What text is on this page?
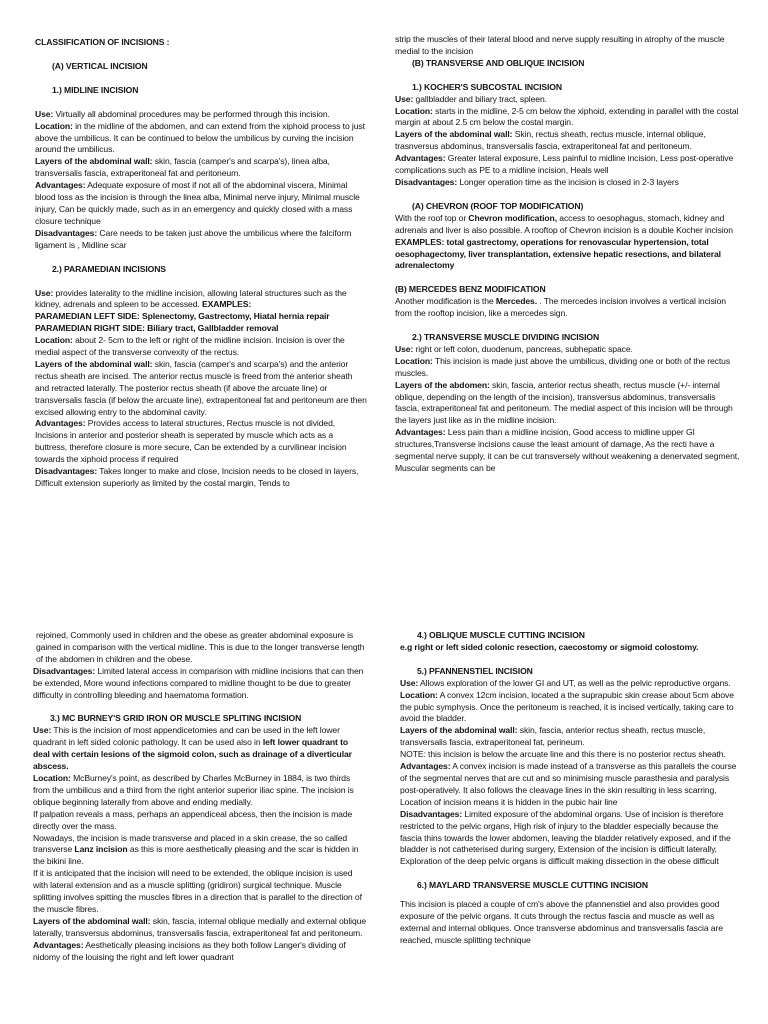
CLASSIFICATION OF INCISIONS :

(A) VERTICAL INCISION

1.) MIDLINE INCISION

Use: Virtually all abdominal procedures may be performed through this incision.

Location: in the midline of the abdomen, and can extend from the xiphoid process to just above the umbilicus. It can be continued to below the umbilicus by curving the incision around the umbilicus.

Layers of the abdominal wall: skin, fascia (camper's and scarpa's), linea alba, transversalis fascia, extraperitoneal fat and peritoneum.

Advantages: Adequate exposure of most if not all of the abdominal viscera, Minimal blood loss as the incision is through the linea alba, Minimal nerve injury, Minimal muscle injury, Can be quickly made, such as in an emergency and quickly closed with a mass closure technique

Disadvantages: Care needs to be taken just above the umbilicus where the falciform ligament is , Midline scar

2.) PARAMEDIAN INCISIONS

Use: provides laterality to the midline incision, allowing lateral structures such as the kidney, adrenals and spleen to be accessed. EXAMPLES:

PARAMEDIAN LEFT SIDE: Splenectomy, Gastrectomy, Hiatal hernia repair

PARAMEDIAN RIGHT SIDE: Biliary tract, Gallbladder removal

Location: about 2- 5cm to the left or right of the midline incision. Incision is over the medial aspect of the transverse convexity of the rectus.

Layers of the abdominal wall: skin, fascia (camper's and scarpa's) and the anterior rectus sheath are incised. The anterior rectus muscle is freed from the anterior sheath and retracted laterally. The posterior rectus sheath (if above the arcuate line) or transversalis fascia (if below the arcuate line), extraperitoneal fat and peritoneum are then excised allowing entry to the abdominal cavity.

Advantages: Provides access to lateral structures, Rectus muscle is not divided, Incisions in anterior and posterior sheath is seperated by muscle which acts as a buttress, therefore closure is more secure, Can be extended by a curvilinear incision towards the xiphoid process if required

Disadvantages: Takes longer to make and close, Incision needs to be closed in layers, Difficult extension superiorly as limited by the costal margin, Tends to

strip the muscles of their lateral blood and nerve supply resulting in atrophy of the muscle medial to the incision

(B) TRANSVERSE AND OBLIQUE INCISION

1.) KOCHER'S SUBCOSTAL INCISION

Use: gallbladder and biliary tract, spleen.

Location: starts in the midline, 2-5 cm below the xiphoid, extending in parallel with the costal margin at about 2.5 cm below the costal margin.

Layers of the abdominal wall: Skin, rectus sheath, rectus muscle, internal oblique, trasnversus abdominus, transversalis fascia, extraperitoneal fat and peritoneum.

Advantages: Greater lateral exposure, Less painful to midline incision, Less post-operative complications such as PE to a midline incision, Heals well

Disadvantages: Longer operation time as the incision is closed in 2-3 layers

(A) CHEVRON (ROOF TOP MODIFICATION)

With the roof top or Chevron modification, access to oesophagus, stomach, kidney and adrenals and liver is also possible. A rooftop of Chevron incision is a double Kocher incision

EXAMPLES: total gastrectomy, operations for renovascular hypertension, total oesophagectomy, liver transplantation, extensive hepatic resections, and bilateral adrenalectomy

(B) MERCEDES BENZ MODIFICATION

Another modification is the Mercedes. . The mercedes incision involves a vertical incision from the rooftop incision, like a mercedes sign.

2.) TRANSVERSE MUSCLE DIVIDING INCISION

Use: right or left colon, duodenum, pancreas, subhepatic space.

Location: This incision is made just above the umbilicus, dividing one or both of the rectus muscles.

Layers of the abdomen: skin, fascia, anterior rectus sheath, rectus muscle (+/- internal oblique, depending on the length of the incision), transversus abdominus, transversalis fascia, extraperitoneal fat and peritoneum. The medial aspect of this incision will be through the layers just like as in the midline incision.

Advantages: Less pain than a midline incision, Good access to midline upper GI structures,Transverse incisions cause the least amount of damage, As the recti have a segmental nerve supply, it can be cut transversely without weakening a denervated segment, Muscular segments can be

rejoined, Commonly used in children and the obese as greater abdominal exposure is gained in comparison with the vertical midline. This is due to the longer transverse length of the abdomen in children and the obese.

Disadvantages: Limited lateral access in comparison with midline incisions that can then be extended, More wound infections compared to midline thought to be due to greater difficulty in controlling bleeding and haematoma formation.

3.) MC BURNEY'S GRID IRON OR MUSCLE SPLITING INCISION

Use: This is the incision of most appendicetomies and can be used in the left lower quadrant in left sided colonic pathology. It can be used also in left lower quadrant to deal with certain lesions of the sigmoid colon, such as drainage of a diverticular abscess.

Location: McBurney's point, as described by Charles McBurney in 1884, is two thirds from the umbilicus and a third from the right anterior superior iliac spine. The incision is oblique beginning laterally from above and ending medially.

If palpation reveals a mass, perhaps an appendiceal abcess, then the incision is made directly over the mass.

Nowadays, the incision is made transverse and placed in a skin crease, the so called transverse Lanz incision as this is more aesthetically pleasing and the scar is hidden in the bikini line.

If it is anticipated that the incision will need to be extended, the oblique incision is used with lateral extension and as a muscle splitting (gridiron) surgical technique. Muscle splitting involves spitting the muscles fibres in a direction that is parallel to the direction of the muscle fibres.

Layers of the abdominal wall: skin, fascia, internal oblique medially and external oblique laterally, transversus abdominus, transversalis fascia, extraperitoneal fat and peritoneum.

Advantages: Aesthetically pleasing incisions as they both follow Langer's dividing of nidomy of the louising the right and left lower quadrant

4.) OBLIQUE MUSCLE CUTTING INCISION

e.g right or left sided colonic resection, caecostomy or sigmoid colostomy.

5.) PFANNENSTIEL INCISION

Use: Allows exploration of the lower GI and UT, as well as the pelvic reproductive organs.

Location: A convex 12cm incision, located a the suprapubic skin crease about 5cm above the pubic symphysis. Once the peritoneum is reached, it is incised vertically, taking care to avoid the bladder.

Layers of the abdominal wall: skin, fascia, anterior rectus sheath, rectus muscle, transversalis fascia, extraperitoneal fat, perineum.

NOTE: this incision is below the arcuate line and this there is no posterior rectus sheath.

Advantages: A convex incision is made instead of a transverse as this parallels the course of the segmental nerves that are cut and so minimising muscle parasthesia and paralysis post-operatively. It also follows the cleavage lines in the skin resulting in less scarring, Location of incision means it is hidden in the pubic hair line

Disadvantages: Limited exposure of the abdominal organs. Use of incision is therefore restricted to the pelvic organs, High risk of injury to the bladder especially because the fascia thins towards the lower abdomen, leaving the bladder relatively exposed, and if the bladder is not catheterised during surgery, Extension of the incision is difficult laterally, Exploration of the deep pelvic organs is difficult making dissection in the obese difficult

6.) MAYLARD TRANSVERSE MUSCLE CUTTING INCISION

This incision is placed a couple of cm's above the pfannenstiel and also provides good exposure of the pelvic organs. It cuts through the rectus fascia and muscle as well as external and internal obliques. Once transverse abdominus and transversalis fascia are reached, muscle splitting technique
